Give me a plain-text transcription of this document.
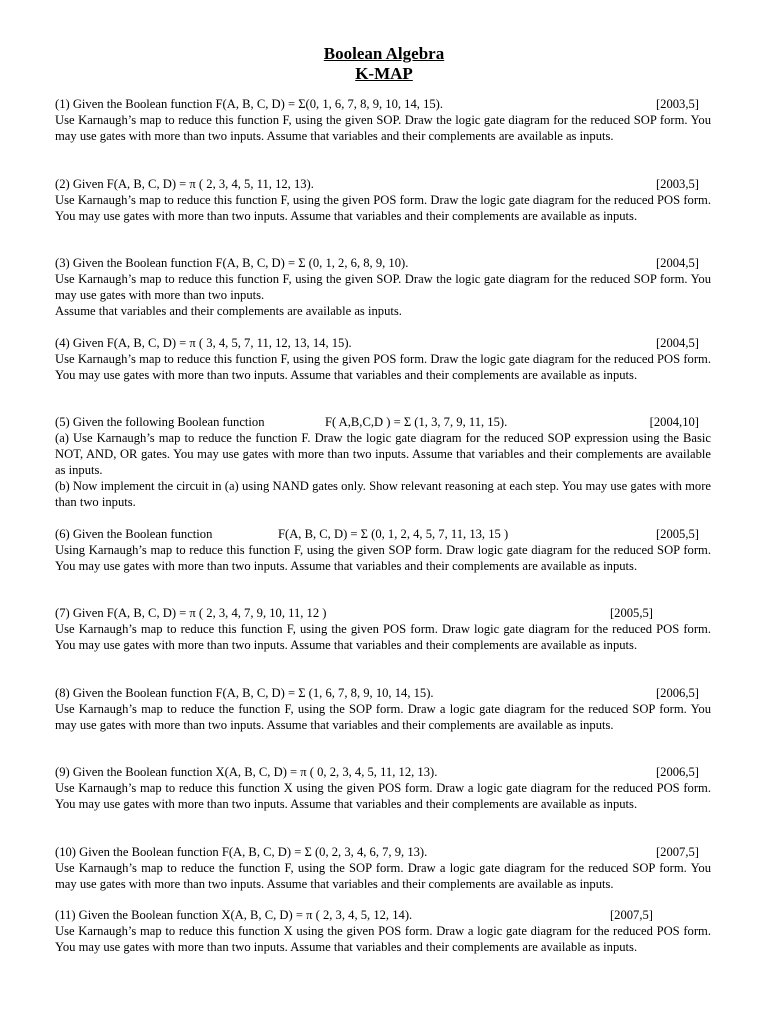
Boolean Algebra
K-MAP
(1) Given the Boolean function F(A, B, C, D) = Σ(0, 1, 6, 7, 8, 9, 10, 14, 15).	[2003,5]

Use Karnaugh’s map to reduce this function F, using the given SOP. Draw the logic gate diagram for the reduced SOP form. You may use gates with more than two inputs. Assume that variables and their complements are available as inputs.

(2) Given F(A, B, C, D) = π ( 2, 3, 4, 5, 11, 12, 13).	[2003,5]

Use Karnaugh’s map to reduce this function F, using the given POS form. Draw the logic gate diagram for the reduced POS form. You may use gates with more than two inputs. Assume that variables and their complements are available as inputs.

(3) Given the Boolean function F(A, B, C, D) = Σ (0, 1, 2, 6, 8, 9, 10).	[2004,5]

Use Karnaugh’s map to reduce this function F, using the given SOP. Draw the logic gate diagram for the reduced SOP form. You may use gates with more than two inputs.

Assume that variables and their complements are available as inputs.

(4) Given F(A, B, C, D) = π ( 3, 4, 5, 7, 11, 12, 13, 14, 15).	[2004,5]

Use Karnaugh’s map to reduce this function F, using the given POS form. Draw the logic gate diagram for the reduced POS form. You may use gates with more than two inputs. Assume that variables and their complements are available as inputs.

(5) Given the following Boolean function	F( A,B,C,D ) = Σ (1, 3, 7, 9, 11, 15).	[2004,10]

(a) Use Karnaugh’s map to reduce the function F. Draw the logic gate diagram for the reduced SOP expression using the Basic NOT, AND, OR gates. You may use gates with more than two inputs. Assume that variables and their complements are available as inputs.

(b) Now implement the circuit in (a) using NAND gates only. Show relevant reasoning at each step. You may use gates with more than two inputs.

(6) Given the Boolean function	F(A, B, C, D) = Σ (0, 1, 2, 4, 5, 7, 11, 13, 15 )	[2005,5]

Using Karnaugh’s map to reduce this function F, using the given SOP form. Draw logic gate diagram for the reduced SOP form. You may use gates with more than two inputs. Assume that variables and their complements are available as inputs.

(7) Given F(A, B, C, D) = π ( 2, 3, 4, 7, 9, 10, 11, 12 )	[2005,5]

Use Karnaugh’s map to reduce this function F, using the given POS form. Draw logic gate diagram for the reduced POS form. You may use gates with more than two inputs. Assume that variables and their complements are available as inputs.

(8) Given the Boolean function F(A, B, C, D) = Σ (1, 6, 7, 8, 9, 10, 14, 15).	[2006,5]

Use Karnaugh’s map to reduce the function F, using the SOP form. Draw a logic gate diagram for the reduced SOP form. You may use gates with more than two inputs. Assume that variables and their complements are available as inputs.

(9) Given the Boolean function X(A, B, C, D) = π ( 0, 2, 3, 4, 5, 11, 12, 13).	[2006,5]

Use Karnaugh’s map to reduce this function X using the given POS form. Draw a logic gate diagram for the reduced POS form. You may use gates with more than two inputs. Assume that variables and their complements are available as inputs.

(10) Given the Boolean function F(A, B, C, D) = Σ (0, 2, 3, 4, 6, 7, 9, 13).	[2007,5]

Use Karnaugh’s map to reduce the function F, using the SOP form. Draw a logic gate diagram for the reduced SOP form. You may use gates with more than two inputs. Assume that variables and their complements are available as inputs.

(11) Given the Boolean function X(A, B, C, D) = π ( 2, 3, 4, 5, 12, 14).	[2007,5]

Use Karnaugh’s map to reduce this function X using the given POS form. Draw a logic gate diagram for the reduced POS form. You may use gates with more than two inputs. Assume that variables and their complements are available as inputs.
